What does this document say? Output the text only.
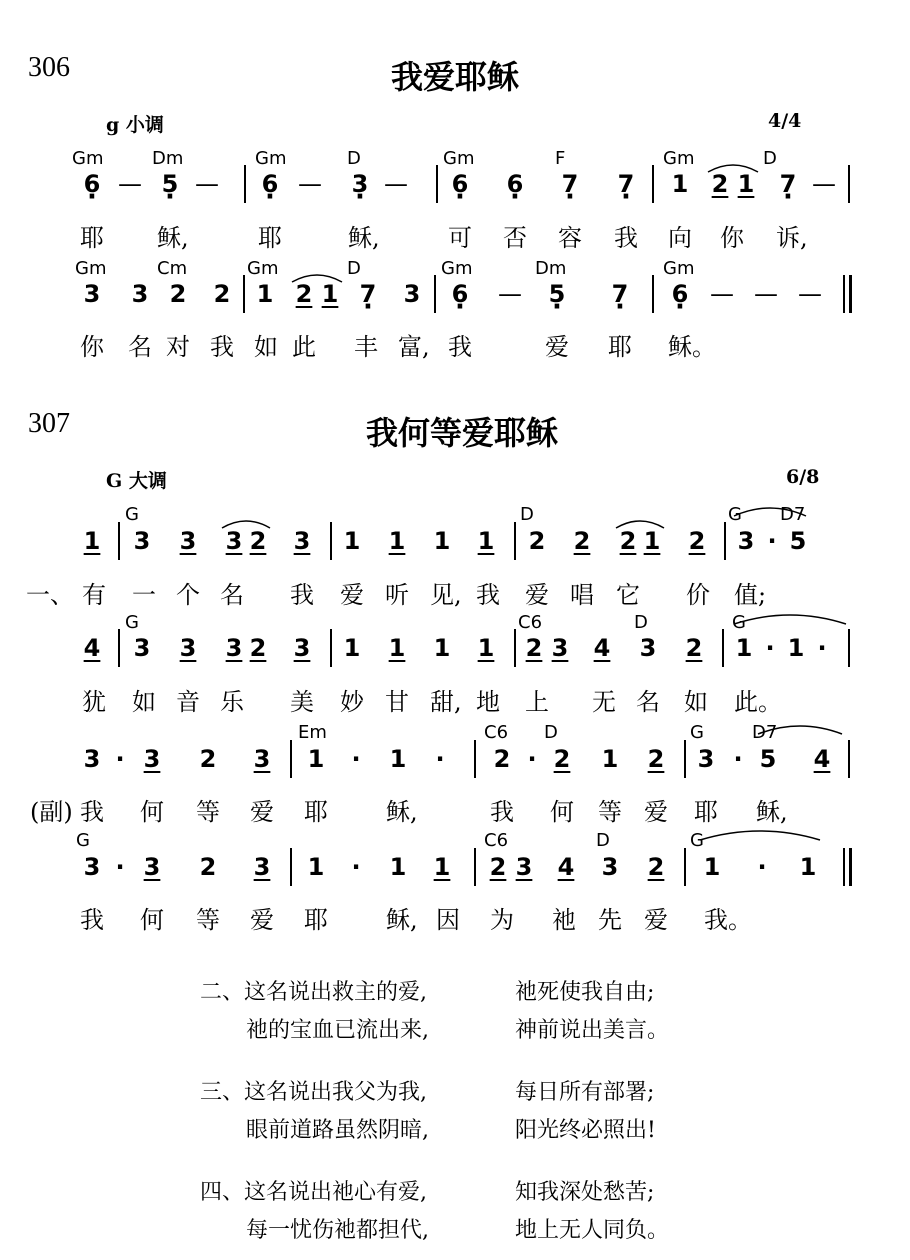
306	我爱耶稣
g 小调	4/4
Gm	Dm	Gm	D	Gm	F	Gm	D
6 · — 5 · — 6 · — 3 · — 6 · 6 · 7 · 7 · 1 2 1 7 · —
耶 稣,	耶	稣,	可 否 容 我 向 你 诉,
Gm	Cm	Gm	D	Gm	Dm	Gm
3 3 2 2 1 2 1 7 · 3 6 · — 5 · 7 · 6 · — — —
你 名 对 我 如 此 丰 富, 我	爱 耶 稣。
307	我何等爱耶稣
G 大调	6/8
G	D	G D7
1 3 3 3 2 3 1 1 1 1 2 2 2 1 2 3 · 5
一、 有 一 个 名 我 爱 听 见, 我 爱 唱 它 价 值;
G	C6	D	G
4 3 3 3 2 3 1 1 1 1 2 3 4 3 2 1 · 1 ·
犹 如 音 乐 美 妙 甘 甜, 地 上 无 名 如 此。
Em	C6 D	G	D7
3 · 3 2 3 1 · 1 · 2 · 2 1 2 3 · 5 4
(副) 我 何 等 爱 耶 稣,	我 何 等 爱 耶 稣,
G	C6	D	G
3 · 3 2 3 1 · 1 1 2 3 4 3 2 1 · 1
我 何 等 爱 耶 稣, 因 为 祂 先 爱 我。
二、这名说出救主的爱,	祂死使我自由;
祂的宝血已流出来,	神前说出美言。
三、这名说出我父为我,	每日所有部署;
眼前道路虽然阴暗,	阳光终必照出!
四、这名说出祂心有爱,	知我深处愁苦;
每一忧伤祂都担代,	地上无人同负。
